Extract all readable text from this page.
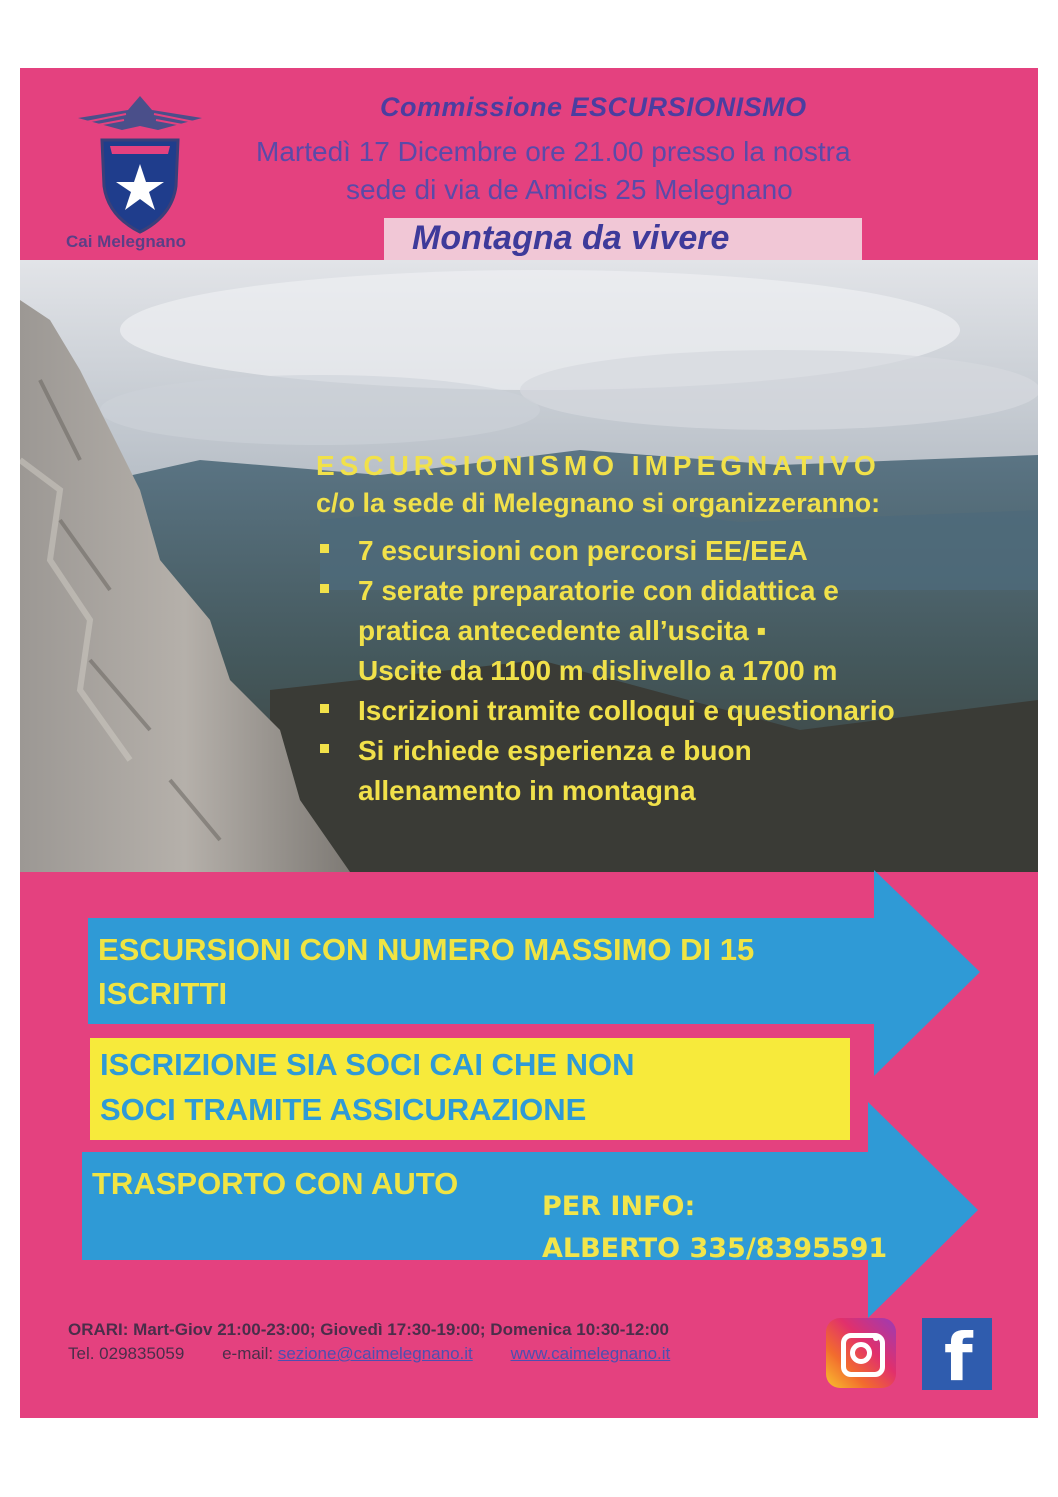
Cai Melegnano
Commissione ESCURSIONISMO
Martedì 17 Dicembre ore 21.00 presso la nostra
sede di via de Amicis 25 Melegnano
Montagna da vivere
ESCURSIONISMO IMPEGNATIVO
c/o la sede di Melegnano si organizzeranno:
7 escursioni con percorsi EE/EEA
7 serate preparatorie con didattica e
pratica antecedente all’uscita ▪
Uscite da 1100 m dislivello a 1700 m
Iscrizioni tramite colloqui e questionario
Si richiede esperienza e buon
allenamento in montagna
ESCURSIONI CON NUMERO MASSIMO DI 15
ISCRITTI
ISCRIZIONE SIA SOCI CAI CHE NON
SOCI TRAMITE ASSICURAZIONE
TRASPORTO CON AUTO
PER INFO:
ALBERTO 335/8395591
ORARI: Mart-Giov 21:00-23:00; Giovedì 17:30-19:00; Domenica 10:30-12:00
Tel. 029835059 e-mail: sezione@caimelegnano.it www.caimelegnano.it	f
